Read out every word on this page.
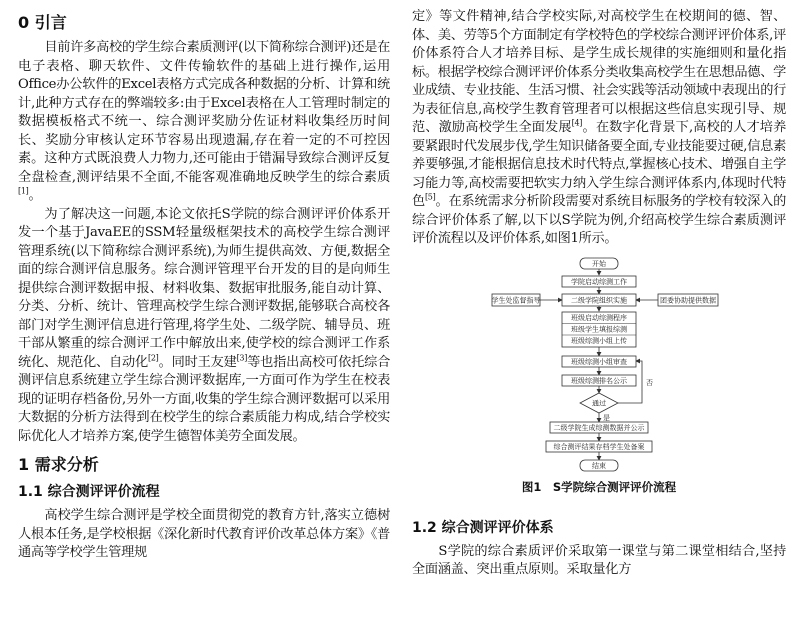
0 引言

目前许多高校的学生综合素质测评(以下简称综合测评)还是在电子表格、聊天软件、文件传输软件的基础上进行操作,运用Office办公软件的Excel表格方式完成各种数据的分析、计算和统计,此种方式存在的弊端较多:由于Excel表格在人工管理时制定的数据模板格式不统一、综合测评奖励分佐证材料收集经历时间长、奖励分审核认定环节容易出现遗漏,存在着一定的不可控因素。这种方式既浪费人力物力,还可能由于错漏导致综合测评反复全盘检查,测评结果不全面,不能客观准确地反映学生的综合素质[1]。

为了解决这一问题,本论文依托S学院的综合测评评价体系开发一个基于JavaEE的SSM轻量级框架技术的高校学生综合测评管理系统(以下简称综合测评系统),为师生提供高效、方便,数据全面的综合测评信息服务。综合测评管理平台开发的目的是向师生提供综合测评数据申报、材料收集、数据审批服务,能自动计算、分类、分析、统计、管理高校学生综合测评数据,能够联合高校各部门对学生测评信息进行管理,将学生处、二级学院、辅导员、班干部从繁重的综合测评工作中解放出来,使学校的综合测评工作系统化、规范化、自动化[2]。同时王友建[3]等也指出高校可依托综合测评信息系统建立学生综合测评数据库,一方面可作为学生在校表现的证明存档备份,另外一方面,收集的学生综合测评数据可以采用大数据的分析方法得到在校学生的综合素质能力构成,结合学校实际优化人才培养方案,使学生德智体美劳全面发展。

1 需求分析
1.1 综合测评评价流程

高校学生综合测评是学校全面贯彻党的教育方针,落实立德树人根本任务,是学校根据《深化新时代教育评价改革总体方案》《普通高等学校学生管理规

定》等文件精神,结合学校实际,对高校学生在校期间的德、智、体、美、劳等5个方面制定有学校特色的学校综合测评评价体系,评价体系符合人才培养目标、是学生成长规律的实施细则和量化指标。根据学校综合测评评价体系分类收集高校学生在思想品德、学业成绩、专业技能、生活习惯、社会实践等活动领域中表现出的行为表征信息,高校学生教育管理者可以根据这些信息实现引导、规范、激励高校学生全面发展[4]。在数字化背景下,高校的人才培养要紧跟时代发展步伐,学生知识储备要全面,专业技能要过硬,信息素养要够强,才能根据信息技术时代特点,掌握核心技术、增强自主学习能力等,高校需要把软实力纳入学生综合测评体系内,体现时代特色[5]。在系统需求分析阶段需要对系统目标服务的学校有较深入的综合评价体系了解,以下以S学院为例,介绍高校学生综合素质测评评价流程以及评价体系,如图1所示。

开始
学院启动综测工作
学生处监督指导	二级学院组织实施	团委协助提供数据
班级启动综测程序
班级学生填报综测
班级综测小组上传
班级综测小组审查
班级综测排名公示
通过
否
是
二级学院生成综测数据并公示
综合测评结果存档学生处备案
结束
图1　S学院综合测评评价流程
1.2 综合测评评价体系

S学院的综合素质评价采取第一课堂与第二课堂相结合,坚持全面涵盖、突出重点原则。采取量化方
